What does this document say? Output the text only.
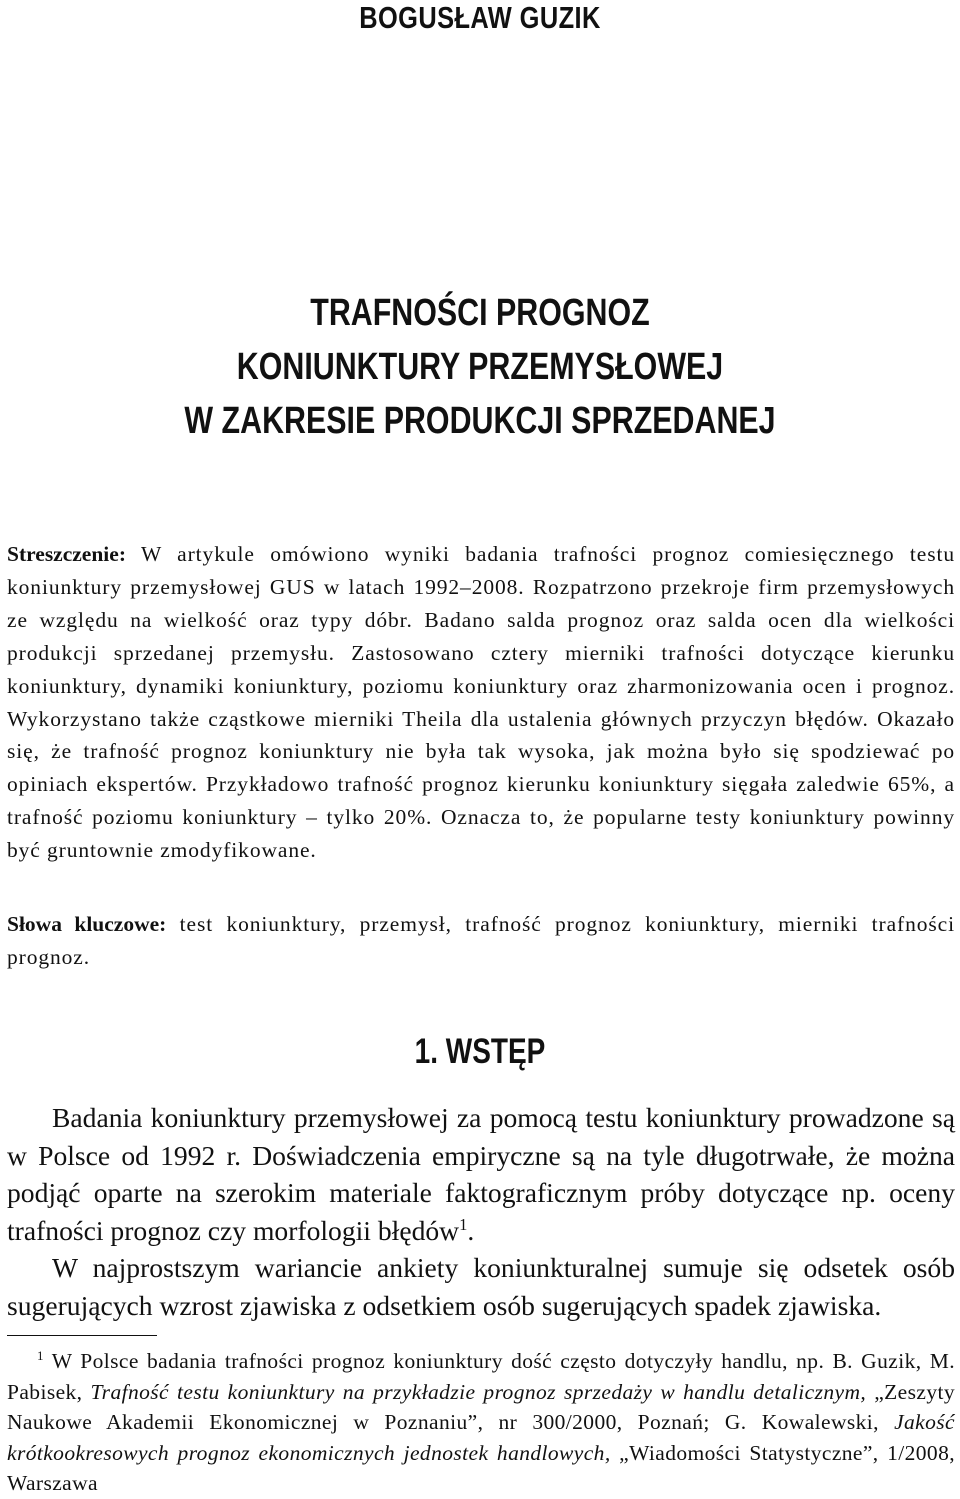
BOGUSŁAW GUZIK
TRAFNOŚCI PROGNOZ
KONIUNKTURY PRZEMYSŁOWEJ
W ZAKRESIE PRODUKCJI SPRZEDANEJ

Streszczenie: W artykule omówiono wyniki badania trafności prognoz comiesięcznego testu koniunktury przemysłowej GUS w latach 1992–2008. Rozpatrzono przekroje firm przemysłowych ze względu na wielkość oraz typy dóbr. Badano salda prognoz oraz salda ocen dla wielkości produkcji sprzedanej przemysłu. Zastosowano cztery mierniki trafności dotyczące kierunku koniunktury, dynamiki koniunktury, poziomu koniunktury oraz zharmonizowania ocen i prognoz. Wykorzystano także cząstkowe mierniki Theila dla ustalenia głównych przyczyn błędów. Okazało się, że trafność prognoz koniunktury nie była tak wysoka, jak można było się spodziewać po opiniach ekspertów. Przykładowo trafność prognoz kierunku koniunktury sięgała zaledwie 65%, a trafność poziomu koniunktury – tylko 20%. Oznacza to, że popularne testy koniunktury powinny być gruntownie zmodyfikowane.

Słowa kluczowe: test koniunktury, przemysł, trafność prognoz koniunktury, mierniki trafności prognoz.

1. WSTĘP

Badania koniunktury przemysłowej za pomocą testu koniunktury prowadzone są w Polsce od 1992 r. Doświadczenia empiryczne są na tyle długotrwałe, że można podjąć oparte na szerokim materiale faktograficznym próby dotyczące np. oceny trafności prognoz czy morfologii błędów$^1$.

W najprostszym wariancie ankiety koniunkturalnej sumuje się odsetek osób sugerujących wzrost zjawiska z odsetkiem osób sugerujących spadek zjawiska.

$^1$ W Polsce badania trafności prognoz koniunktury dość często dotyczyły handlu, np. B. Guzik, M. Pabisek, Trafność testu koniunktury na przykładzie prognoz sprzedaży w handlu detalicznym, „Zeszyty Naukowe Akademii Ekonomicznej w Poznaniu”, nr 300/2000, Poznań; G. Kowalewski, Jakość krótkookresowych prognoz ekonomicznych jednostek handlowych, „Wiadomości Statystyczne”, 1/2008, Warszawa
